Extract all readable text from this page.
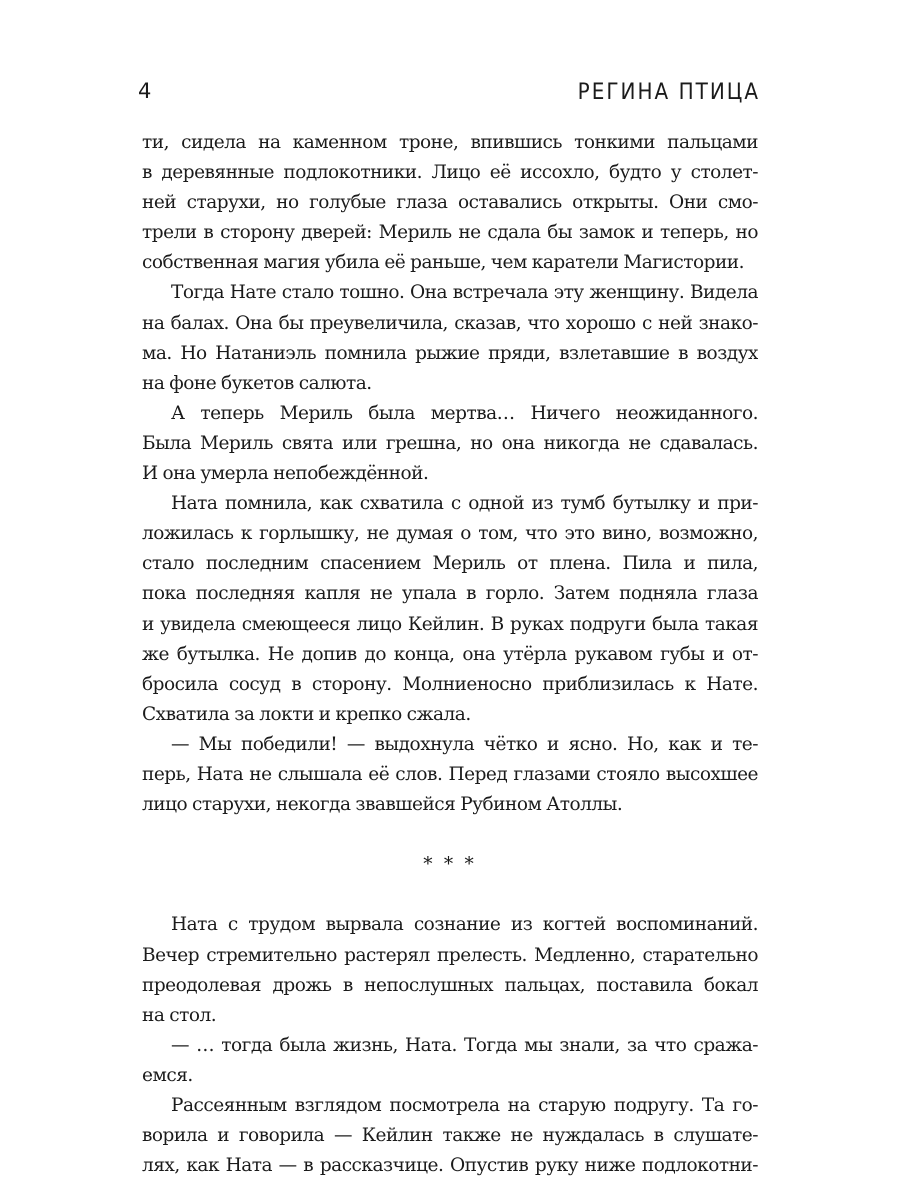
4	РЕГИНА ПТИЦА
ти, сидела на каменном троне, впившись тонкими пальцами
в деревянные подлокотники. Лицо её иссохло, будто у столет-
ней старухи, но голубые глаза оставались открыты. Они смо-
трели в сторону дверей: Мериль не сдала бы замок и теперь, но
собственная магия убила её раньше, чем каратели Магистории.
Тогда Нате стало тошно. Она встречала эту женщину. Видела
на балах. Она бы преувеличила, сказав, что хорошо с ней знако-
ма. Но Натаниэль помнила рыжие пряди, взлетавшие в воздух
на фоне букетов салюта.
А теперь Мериль была мертва… Ничего неожиданного.
Была Мериль свята или грешна, но она никогда не сдавалась.
И она умерла непобеждённой.
Ната помнила, как схватила с одной из тумб бутылку и при-
ложилась к горлышку, не думая о том, что это вино, возможно,
стало последним спасением Мериль от плена. Пила и пила,
пока последняя капля не упала в горло. Затем подняла глаза
и увидела смеющееся лицо Кейлин. В руках подруги была такая
же бутылка. Не допив до конца, она утёрла рукавом губы и от-
бросила сосуд в сторону. Молниеносно приблизилась к Нате.
Схватила за локти и крепко сжала.
— Мы победили! — выдохнула чётко и ясно. Но, как и те-
перь, Ната не слышала её слов. Перед глазами стояло высохшее
лицо старухи, некогда звавшейся Рубином Атоллы.
* * *
Ната с трудом вырвала сознание из когтей воспоминаний.
Вечер стремительно растерял прелесть. Медленно, старательно
преодолевая дрожь в непослушных пальцах, поставила бокал
на стол.
— … тогда была жизнь, Ната. Тогда мы знали, за что сража-
емся.
Рассеянным взглядом посмотрела на старую подругу. Та го-
ворила и говорила — Кейлин также не нуждалась в слушате-
лях, как Ната — в рассказчице. Опустив руку ниже подлокотни-
